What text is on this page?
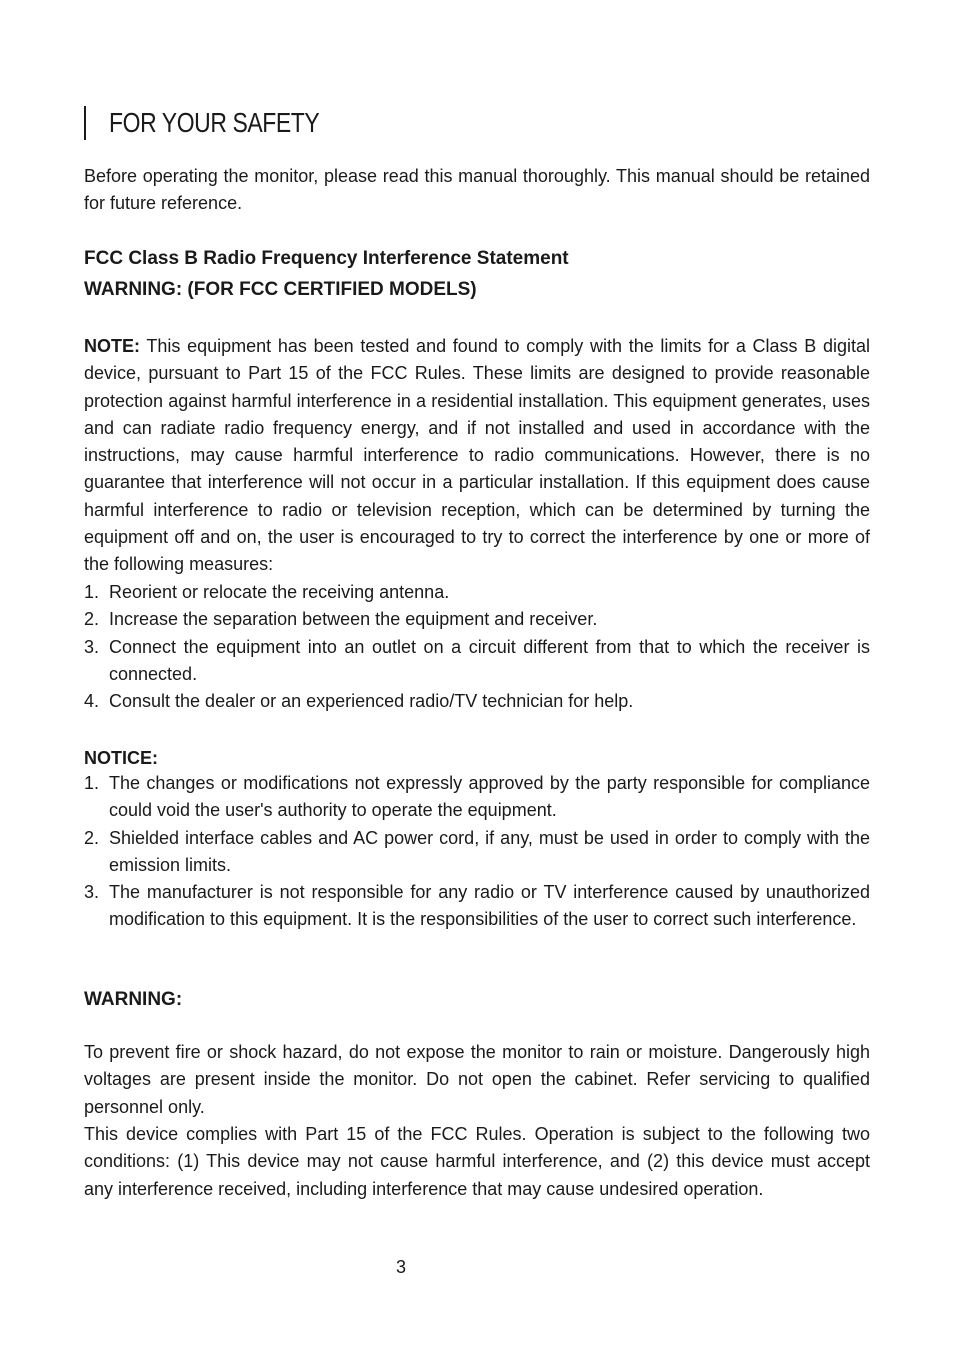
FOR YOUR SAFETY

Before operating the monitor, please read this manual thoroughly. This manual should be retained for future reference.

FCC Class B Radio Frequency Interference Statement

WARNING: (FOR FCC CERTIFIED MODELS)

NOTE: This equipment has been tested and found to comply with the limits for a Class B digital device, pursuant to Part 15 of the FCC Rules. These limits are designed to provide reasonable protection against harmful interference in a residential installation. This equipment generates, uses and can radiate radio frequency energy, and if not installed and used in accordance with the instructions, may cause harmful interference to radio communications. However, there is no guarantee that interference will not occur in a particular installation. If this equipment does cause harmful interference to radio or television reception, which can be determined by turning the equipment off and on, the user is encouraged to try to correct the interference by one or more of the following measures:

1. Reorient or relocate the receiving antenna.
2. Increase the separation between the equipment and receiver.
3. Connect the equipment into an outlet on a circuit different from that to which the receiver is connected.
4. Consult the dealer or an experienced radio/TV technician for help.

NOTICE:

1. The changes or modifications not expressly approved by the party responsible for compliance could void the user's authority to operate the equipment.
2. Shielded interface cables and AC power cord, if any, must be used in order to comply with the emission limits.
3. The manufacturer is not responsible for any radio or TV interference caused by unauthorized modification to this equipment. It is the responsibilities of the user to correct such interference.

WARNING:

To prevent fire or shock hazard, do not expose the monitor to rain or moisture. Dangerously high voltages are present inside the monitor. Do not open the cabinet. Refer servicing to qualified personnel only.

This device complies with Part 15 of the FCC Rules. Operation is subject to the following two conditions: (1) This device may not cause harmful interference, and (2) this device must accept any interference received, including interference that may cause undesired operation.

3
